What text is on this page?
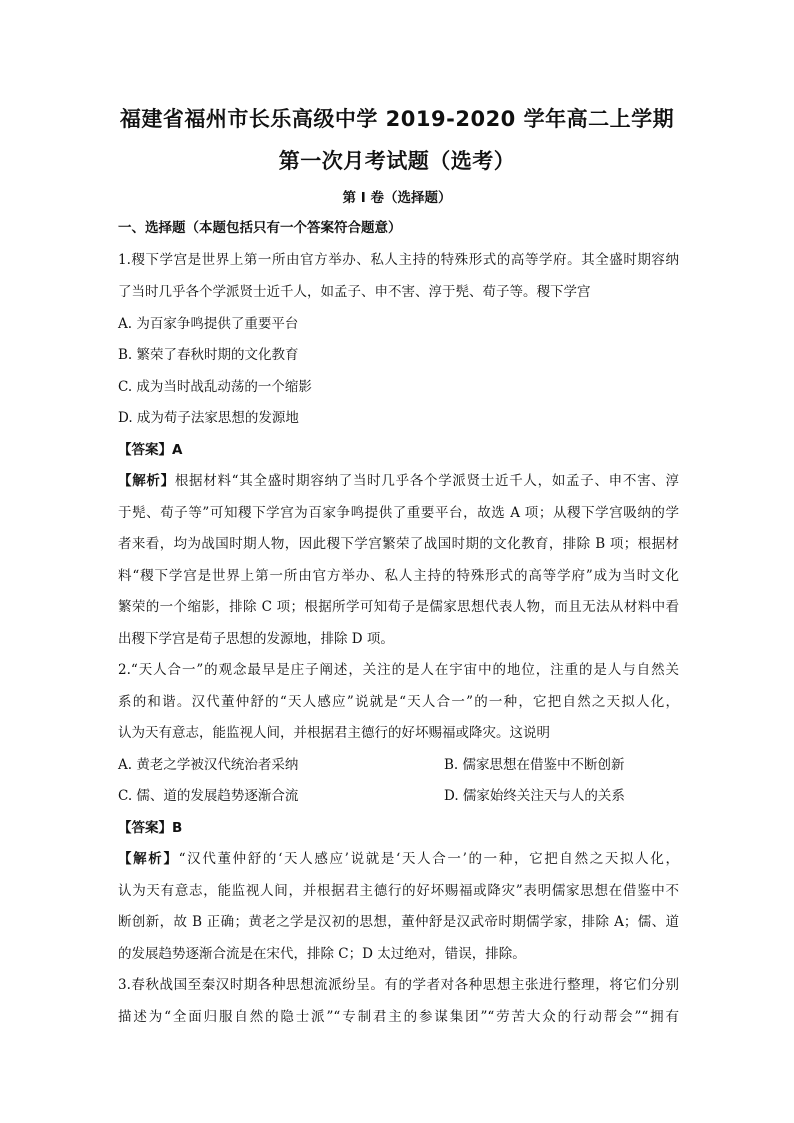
福建省福州市长乐高级中学 2019-2020 学年高二上学期
第一次月考试题（选考）
第 I 卷（选择题）
一、选择题（本题包括只有一个答案符合题意）
1.稷下学宫是世界上第一所由官方举办、私人主持的特殊形式的高等学府。其全盛时期容纳
了当时几乎各个学派贤士近千人，如孟子、申不害、淳于髡、荀子等。稷下学宫
A. 为百家争鸣提供了重要平台
B. 繁荣了春秋时期的文化教育
C. 成为当时战乱动荡的一个缩影
D. 成为荀子法家思想的发源地
【答案】A
【解析】根据材料“其全盛时期容纳了当时几乎各个学派贤士近千人，如孟子、申不害、淳
于髡、荀子等”可知稷下学宫为百家争鸣提供了重要平台，故选 A 项；从稷下学宫吸纳的学
者来看，均为战国时期人物，因此稷下学宫繁荣了战国时期的文化教育，排除 B 项；根据材
料“稷下学宫是世界上第一所由官方举办、私人主持的特殊形式的高等学府”成为当时文化
繁荣的一个缩影，排除 C 项；根据所学可知荀子是儒家思想代表人物，而且无法从材料中看
出稷下学宫是荀子思想的发源地，排除 D 项。
2.“天人合一”的观念最早是庄子阐述，关注的是人在宇宙中的地位，注重的是人与自然关
系的和谐。汉代董仲舒的“天人感应”说就是“天人合一”的一种，它把自然之天拟人化，
认为天有意志，能监视人间，并根据君主德行的好坏赐福或降灾。这说明
A. 黄老之学被汉代统治者采纳	B. 儒家思想在借鉴中不断创新
C. 儒、道的发展趋势逐渐合流	D. 儒家始终关注天与人的关系
【答案】B
【解析】“汉代董仲舒的‘天人感应’说就是‘天人合一’的一种，它把自然之天拟人化，
认为天有意志，能监视人间，并根据君主德行的好坏赐福或降灾”表明儒家思想在借鉴中不
断创新，故 B 正确；黄老之学是汉初的思想，董仲舒是汉武帝时期儒学家，排除 A；儒、道
的发展趋势逐渐合流是在宋代，排除 C；D 太过绝对，错误，排除。
3.春秋战国至秦汉时期各种思想流派纷呈。有的学者对各种思想主张进行整理，将它们分别
描述为“全面归服自然的隐士派”“专制君主的参谋集团”“劳苦大众的行动帮会”“拥有
